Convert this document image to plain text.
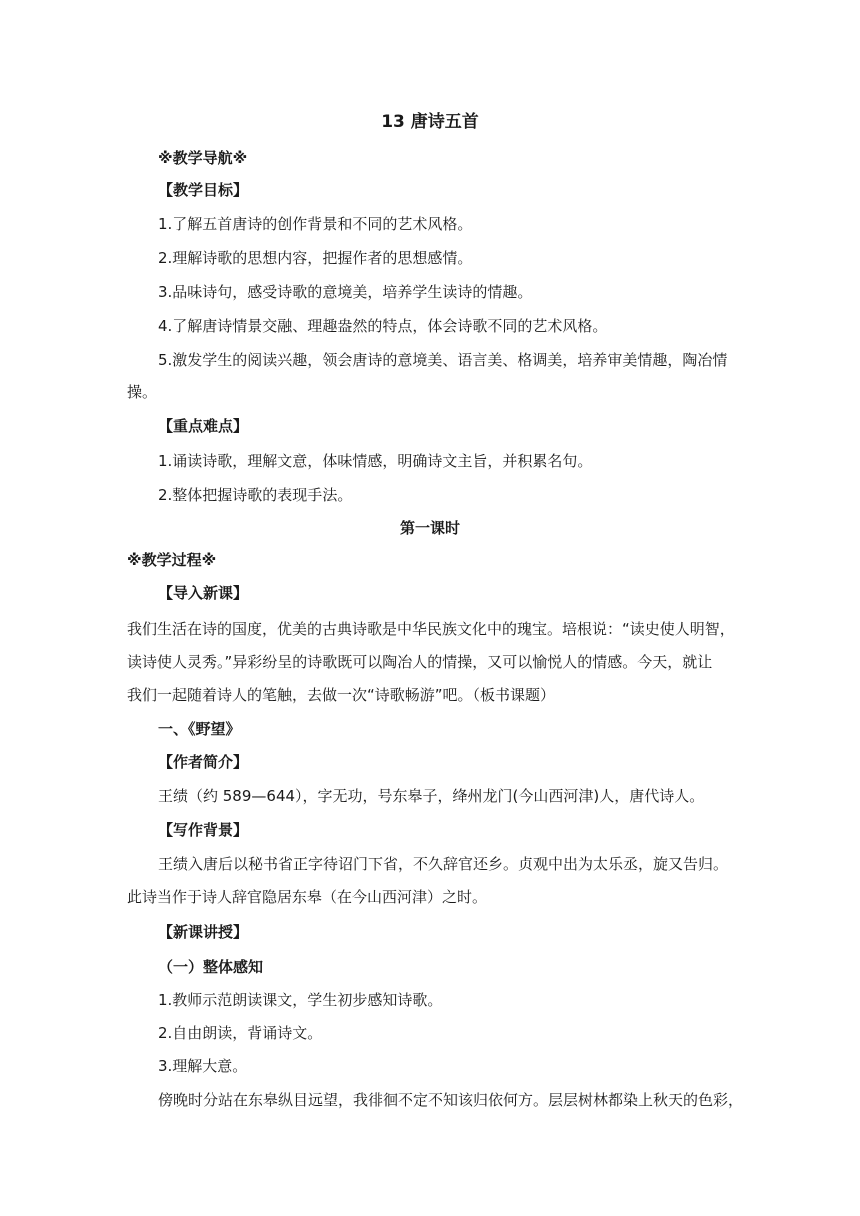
13 唐诗五首
※教学导航※
【教学目标】
1.了解五首唐诗的创作背景和不同的艺术风格。
2.理解诗歌的思想内容，把握作者的思想感情。
3.品味诗句，感受诗歌的意境美，培养学生读诗的情趣。
4.了解唐诗情景交融、理趣盎然的特点，体会诗歌不同的艺术风格。
5.激发学生的阅读兴趣，领会唐诗的意境美、语言美、格调美，培养审美情趣，陶冶情
操。
【重点难点】
1.诵读诗歌，理解文意，体味情感，明确诗文主旨，并积累名句。
2.整体把握诗歌的表现手法。
第一课时
※教学过程※
【导入新课】
我们生活在诗的国度，优美的古典诗歌是中华民族文化中的瑰宝。培根说：“读史使人明智，
读诗使人灵秀。”异彩纷呈的诗歌既可以陶冶人的情操，又可以愉悦人的情感。今天，就让
我们一起随着诗人的笔触，去做一次“诗歌畅游”吧。（板书课题）
一、《野望》
【作者简介】
王绩（约 589—644），字无功，号东皋子，绛州龙门(今山西河津)人，唐代诗人。
【写作背景】
王绩入唐后以秘书省正字待诏门下省，不久辞官还乡。贞观中出为太乐丞，旋又告归。
此诗当作于诗人辞官隐居东皋（在今山西河津）之时。
【新课讲授】
（一）整体感知
1.教师示范朗读课文，学生初步感知诗歌。
2.自由朗读，背诵诗文。
3.理解大意。
傍晚时分站在东皋纵目远望，我徘徊不定不知该归依何方。层层树林都染上秋天的色彩，
